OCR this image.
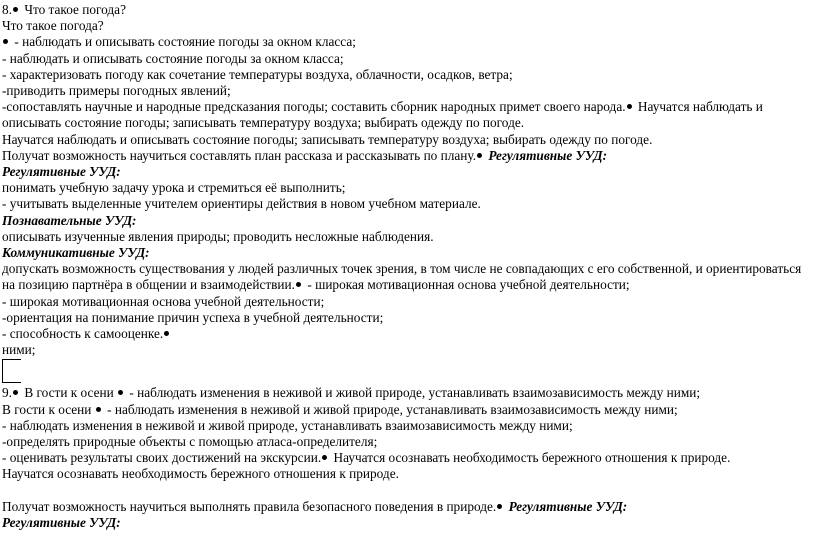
8. Что такое погода?
Что такое погода?
- наблюдать и описывать состояние погоды за окном класса;
- наблюдать и описывать состояние погоды за окном класса;
- характеризовать погоду как сочетание температуры воздуха, облачности, осадков, ветра;
-приводить примеры погодных явлений;
-сопоставлять научные и народные предсказания погоды; составить сборник народных примет своего народа. Научатся наблюдать и описывать состояние погоды; записывать температуру воздуха; выбирать одежду по погоде.
Научатся наблюдать и описывать состояние погоды; записывать температуру воздуха; выбирать одежду по погоде.
Получат возможность научиться составлять план рассказа и рассказывать по плану. Регулятивные УУД:
Регулятивные УУД:
понимать учебную задачу урока и стремиться её выполнить;
- учитывать выделенные учителем ориентиры действия в новом учебном материале.
Познавательные УУД:
описывать изученные явления природы; проводить несложные наблюдения.
Коммуникативные УУД:
допускать возможность существования у людей различных точек зрения, в том числе не совпадающих с его собственной, и ориентироваться на позицию партнёра в общении и взаимодействии. - широкая мотивационная основа учебной деятельности;
- широкая мотивационная основа учебной деятельности;
-ориентация на понимание причин успеха в учебной деятельности;
- способность к самооценке.
ними;
9. В гости к осени - наблюдать изменения в неживой и живой природе, устанавливать взаимозависимость между ними;
В гости к осени - наблюдать изменения в неживой и живой природе, устанавливать взаимозависимость между ними;
- наблюдать изменения в неживой и живой природе, устанавливать взаимозависимость между ними;
-определять природные объекты с помощью атласа-определителя;
- оценивать результаты своих достижений на экскурсии. Научатся осознавать необходимость бережного отношения к природе.
Научатся осознавать необходимость бережного отношения к природе.
Получат возможность научиться выполнять правила безопасного поведения в природе. Регулятивные УУД:
Регулятивные УУД:
